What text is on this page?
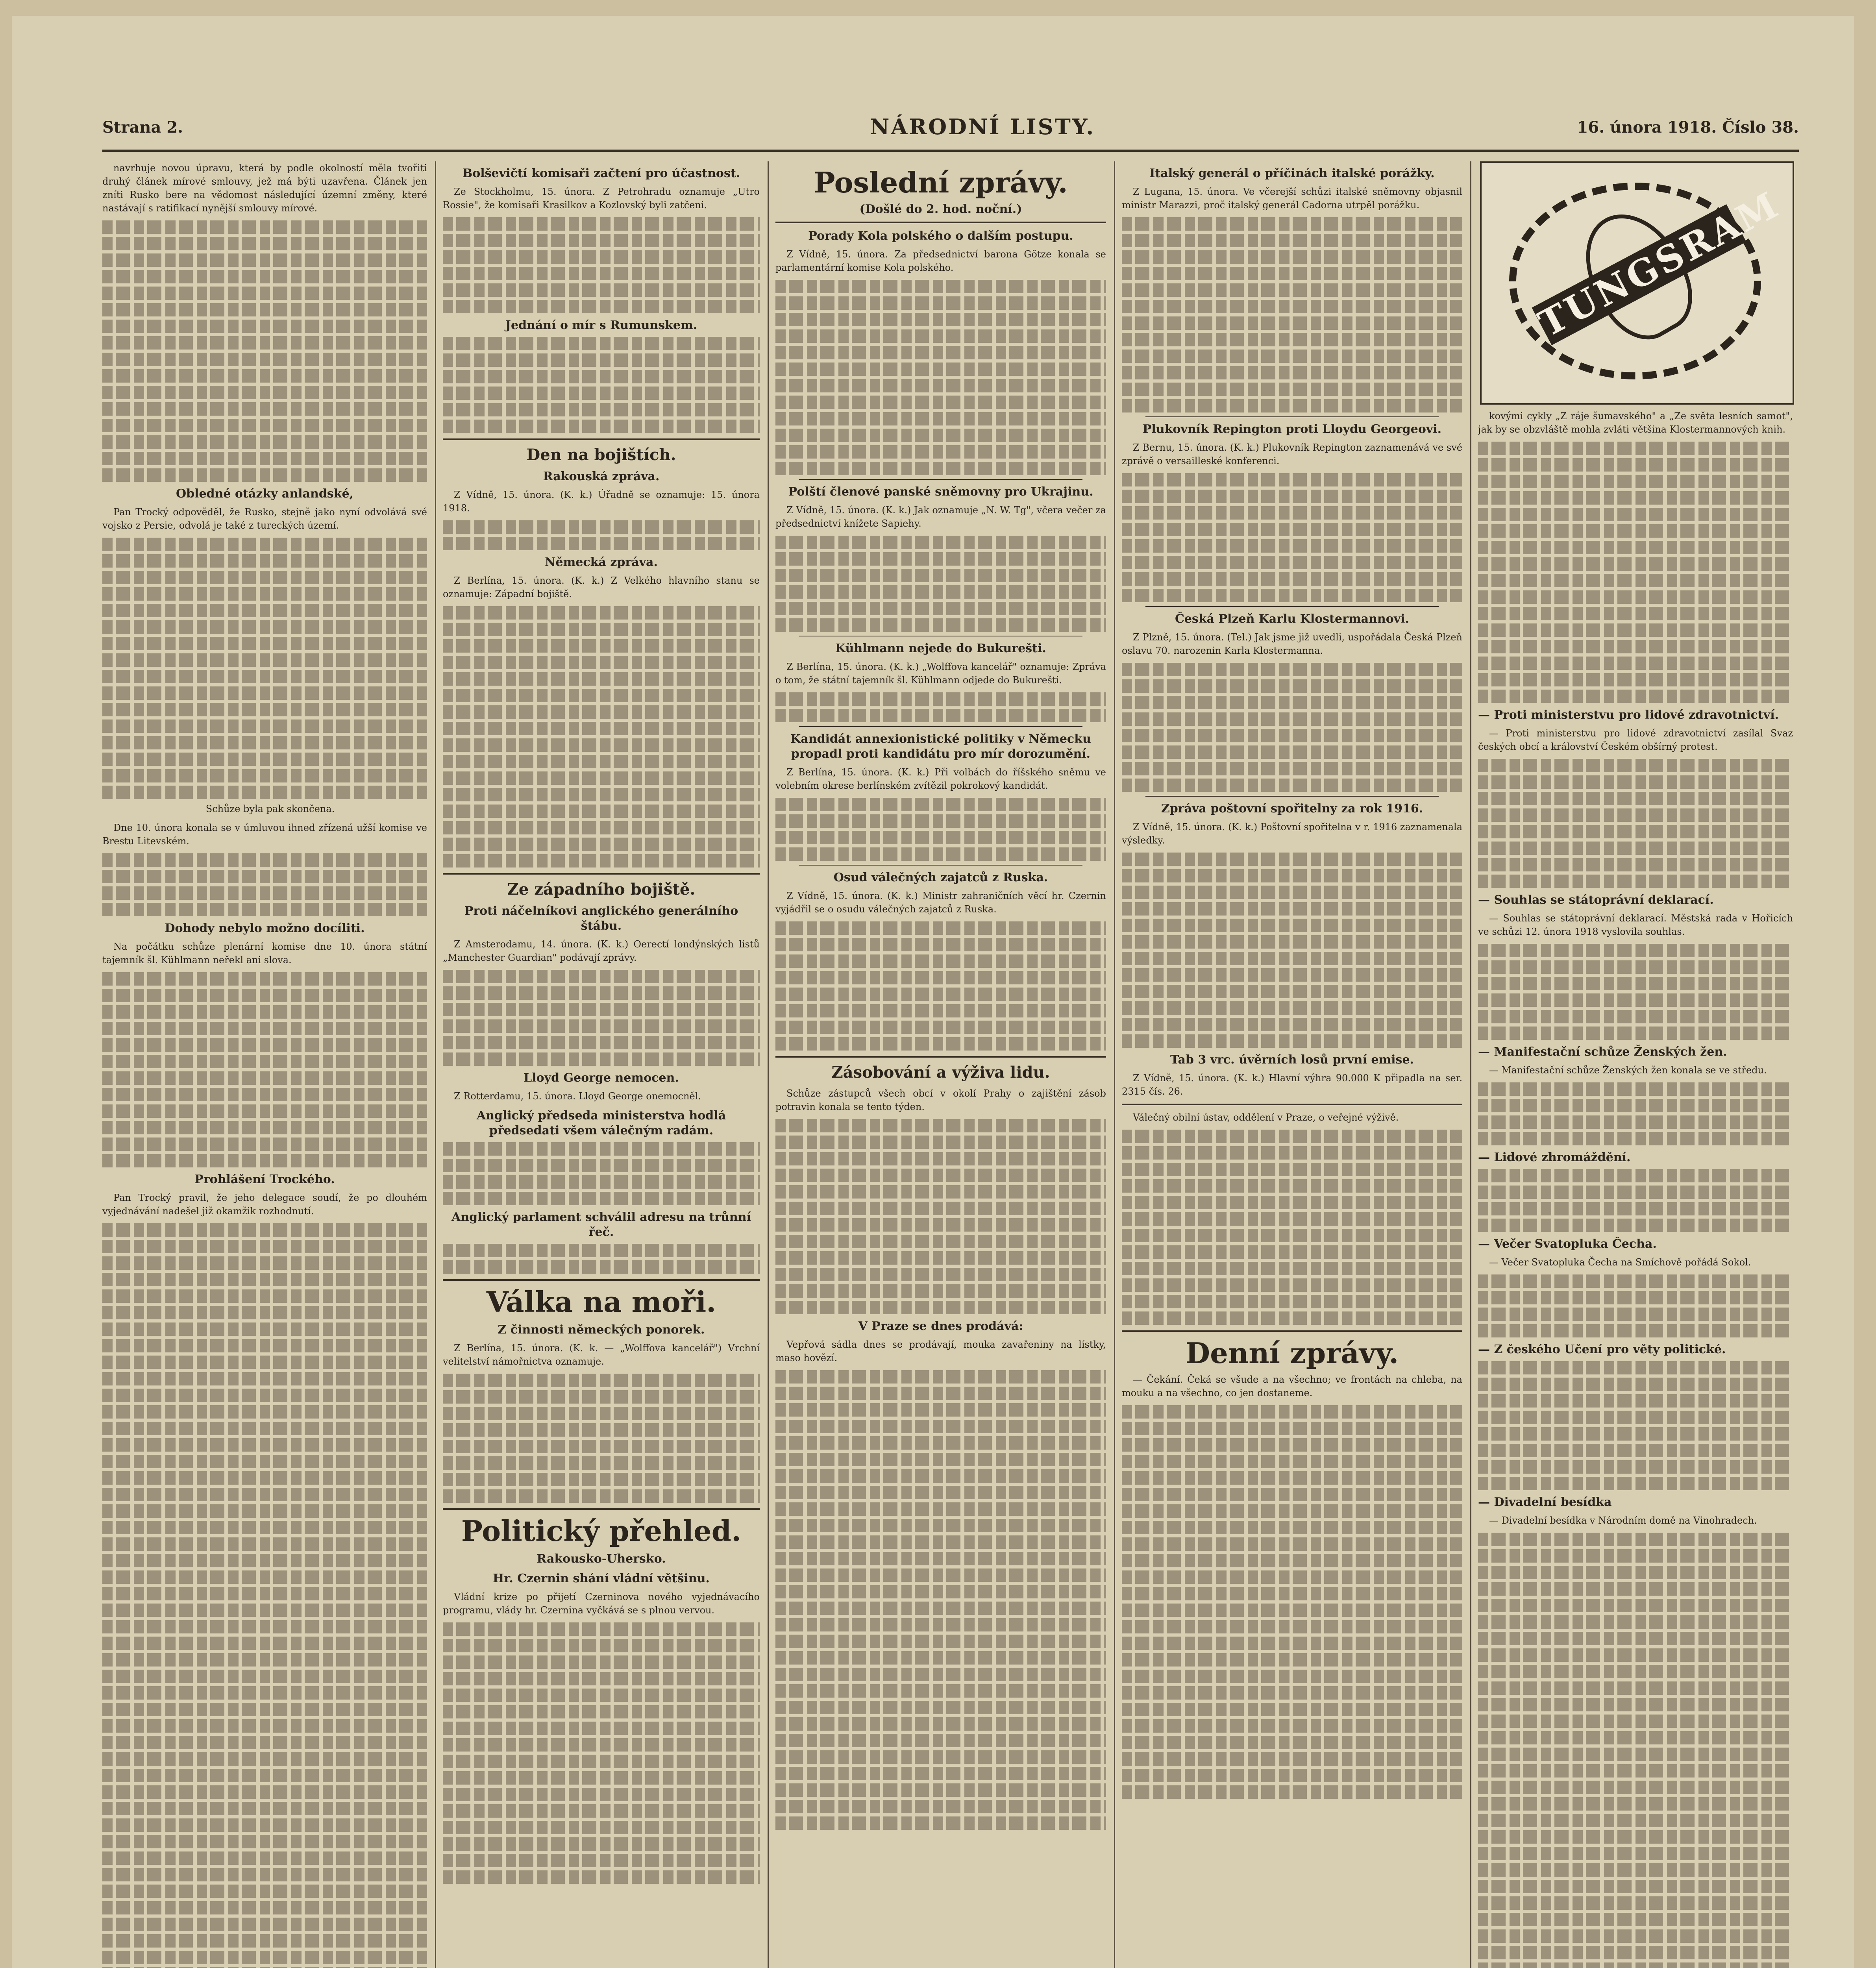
Strana 2.	NÁRODNÍ LISTY.	16. února 1918. Číslo 38.

navrhuje novou úpravu, která by podle okolností měla tvořiti druhý článek mírové smlouvy, jež má býti uzavřena. Článek jen zníti Rusko bere na vědomost následující územní změny, které nastávají s ratifikací nynější smlouvy mírové.

Obledné otázky anlandské,

Pan Trocký odpověděl, že Rusko, stejně jako nyní odvolává své vojsko z Persie, odvolá je také z tureckých území.

Schůze byla pak skončena.

Dne 10. února konala se v úmluvou ihned zřízená užší komise ve Brestu Litevském.

Dohody nebylo možno docíliti.

Na počátku schůze plenární komise dne 10. února státní tajemník šl. Kühlmann neřekl ani slova.

Prohlášení Trockého.

Pan Trocký pravil, že jeho delegace soudí, že po dlouhém vyjednávání nadešel již okamžik rozhodnutí.

Bolševičtí komisaři začtení pro účastnost.

Ze Stockholmu, 15. února. Z Petrohradu oznamuje „Utro Rossie", že komisaři Krasilkov a Kozlovský byli zatčeni.

Jednání o mír s Rumunskem.
Den na bojištích.
Rakouská zpráva.

Z Vídně, 15. února. (K. k.) Úřadně se oznamuje: 15. února 1918.

Německá zpráva.

Z Berlína, 15. února. (K. k.) Z Velkého hlavního stanu se oznamuje: Západní bojiště.

Ze západního bojiště.
Proti náčelníkovi anglického generálního štábu.

Z Amsterodamu, 14. února. (K. k.) Oerectí londýnských listů „Manchester Guardian" podávají zprávy.

Lloyd George nemocen.

Z Rotterdamu, 15. února. Lloyd George onemocněl.

Anglický předseda ministerstva hodlá předsedati všem válečným radám.
Anglický parlament schválil adresu na trůnní řeč.
Válka na moři.
Z činnosti německých ponorek.

Z Berlína, 15. února. (K. k. — „Wolffova kancelář") Vrchní velitelství námořnictva oznamuje.

Politický přehled.
Rakousko-Uhersko.
Hr. Czernin shání vládní většinu.

Vládní krize po přijetí Czerninova nového vyjednávacího programu, vlády hr. Czernina vyčkává se s plnou vervou.

Poslední zprávy.
(Došlé do 2. hod. noční.)
Porady Kola polského o dalším postupu.

Z Vídně, 15. února. Za předsednictví barona Götze konala se parlamentární komise Kola polského.

Polští členové panské sněmovny pro Ukrajinu.

Z Vídně, 15. února. (K. k.) Jak oznamuje „N. W. Tg", včera večer za předsednictví knížete Sapiehy.

Kühlmann nejede do Bukurešti.

Z Berlína, 15. února. (K. k.) „Wolffova kancelář" oznamuje: Zpráva o tom, že státní tajemník šl. Kühlmann odjede do Bukurešti.

Kandidát annexionistické politiky v Německu propadl proti kandidátu pro mír dorozumění.

Z Berlína, 15. února. (K. k.) Při volbách do říšského sněmu ve volebním okrese berlínském zvítězil pokrokový kandidát.

Osud válečných zajatců z Ruska.

Z Vídně, 15. února. (K. k.) Ministr zahraničních věcí hr. Czernin vyjádřil se o osudu válečných zajatců z Ruska.

Zásobování a výživa lidu.

Schůze zástupců všech obcí v okolí Prahy o zajištění zásob potravin konala se tento týden.

V Praze se dnes prodává:

Vepřová sádla dnes se prodávají, mouka zavařeniny na lístky, maso hovězí.

Italský generál o příčinách italské porážky.

Z Lugana, 15. února. Ve včerejší schůzi italské sněmovny objasnil ministr Marazzi, proč italský generál Cadorna utrpěl porážku.

Plukovník Repington proti Lloydu Georgeovi.

Z Bernu, 15. února. (K. k.) Plukovník Repington zaznamenává ve své zprávě o versailleské konferenci.

Česká Plzeň Karlu Klostermannovi.

Z Plzně, 15. února. (Tel.) Jak jsme již uvedli, uspořádala Česká Plzeň oslavu 70. narozenin Karla Klostermanna.

Zpráva poštovní spořitelny za rok 1916.

Z Vídně, 15. února. (K. k.) Poštovní spořitelna v r. 1916 zaznamenala výsledky.

Tab 3 vrc. úvěrních losů první emise.

Z Vídně, 15. února. (K. k.) Hlavní výhra 90.000 K připadla na ser. 2315 čís. 26.

Válečný obilní ústav, oddělení v Praze, o veřejné výživě.

Denní zprávy.

— Čekání. Čeká se všude a na všechno; ve frontách na chleba, na mouku a na všechno, co jen dostaneme.

TUNGSRAM

kovými cykly „Z ráje šumavského" a „Ze světa lesních samot", jak by se obzvláště mohla zvláti většina Klostermannových knih.

— Proti ministerstvu pro lidové zdravotnictví.

— Proti ministerstvu pro lidové zdravotnictví zasílal Svaz českých obcí a království Českém obšírný protest.

— Souhlas se státoprávní deklarací.

— Souhlas se státoprávní deklarací. Městská rada v Hořicích ve schůzi 12. února 1918 vyslovila souhlas.

— Manifestační schůze Ženských žen.

— Manifestační schůze Ženských žen konala se ve středu.

— Lidové zhromáždění.
— Večer Svatopluka Čecha.

— Večer Svatopluka Čecha na Smíchově pořádá Sokol.

— Z českého Učení pro věty politické.
— Divadelní besídka

— Divadelní besídka v Národním domě na Vinohradech.
